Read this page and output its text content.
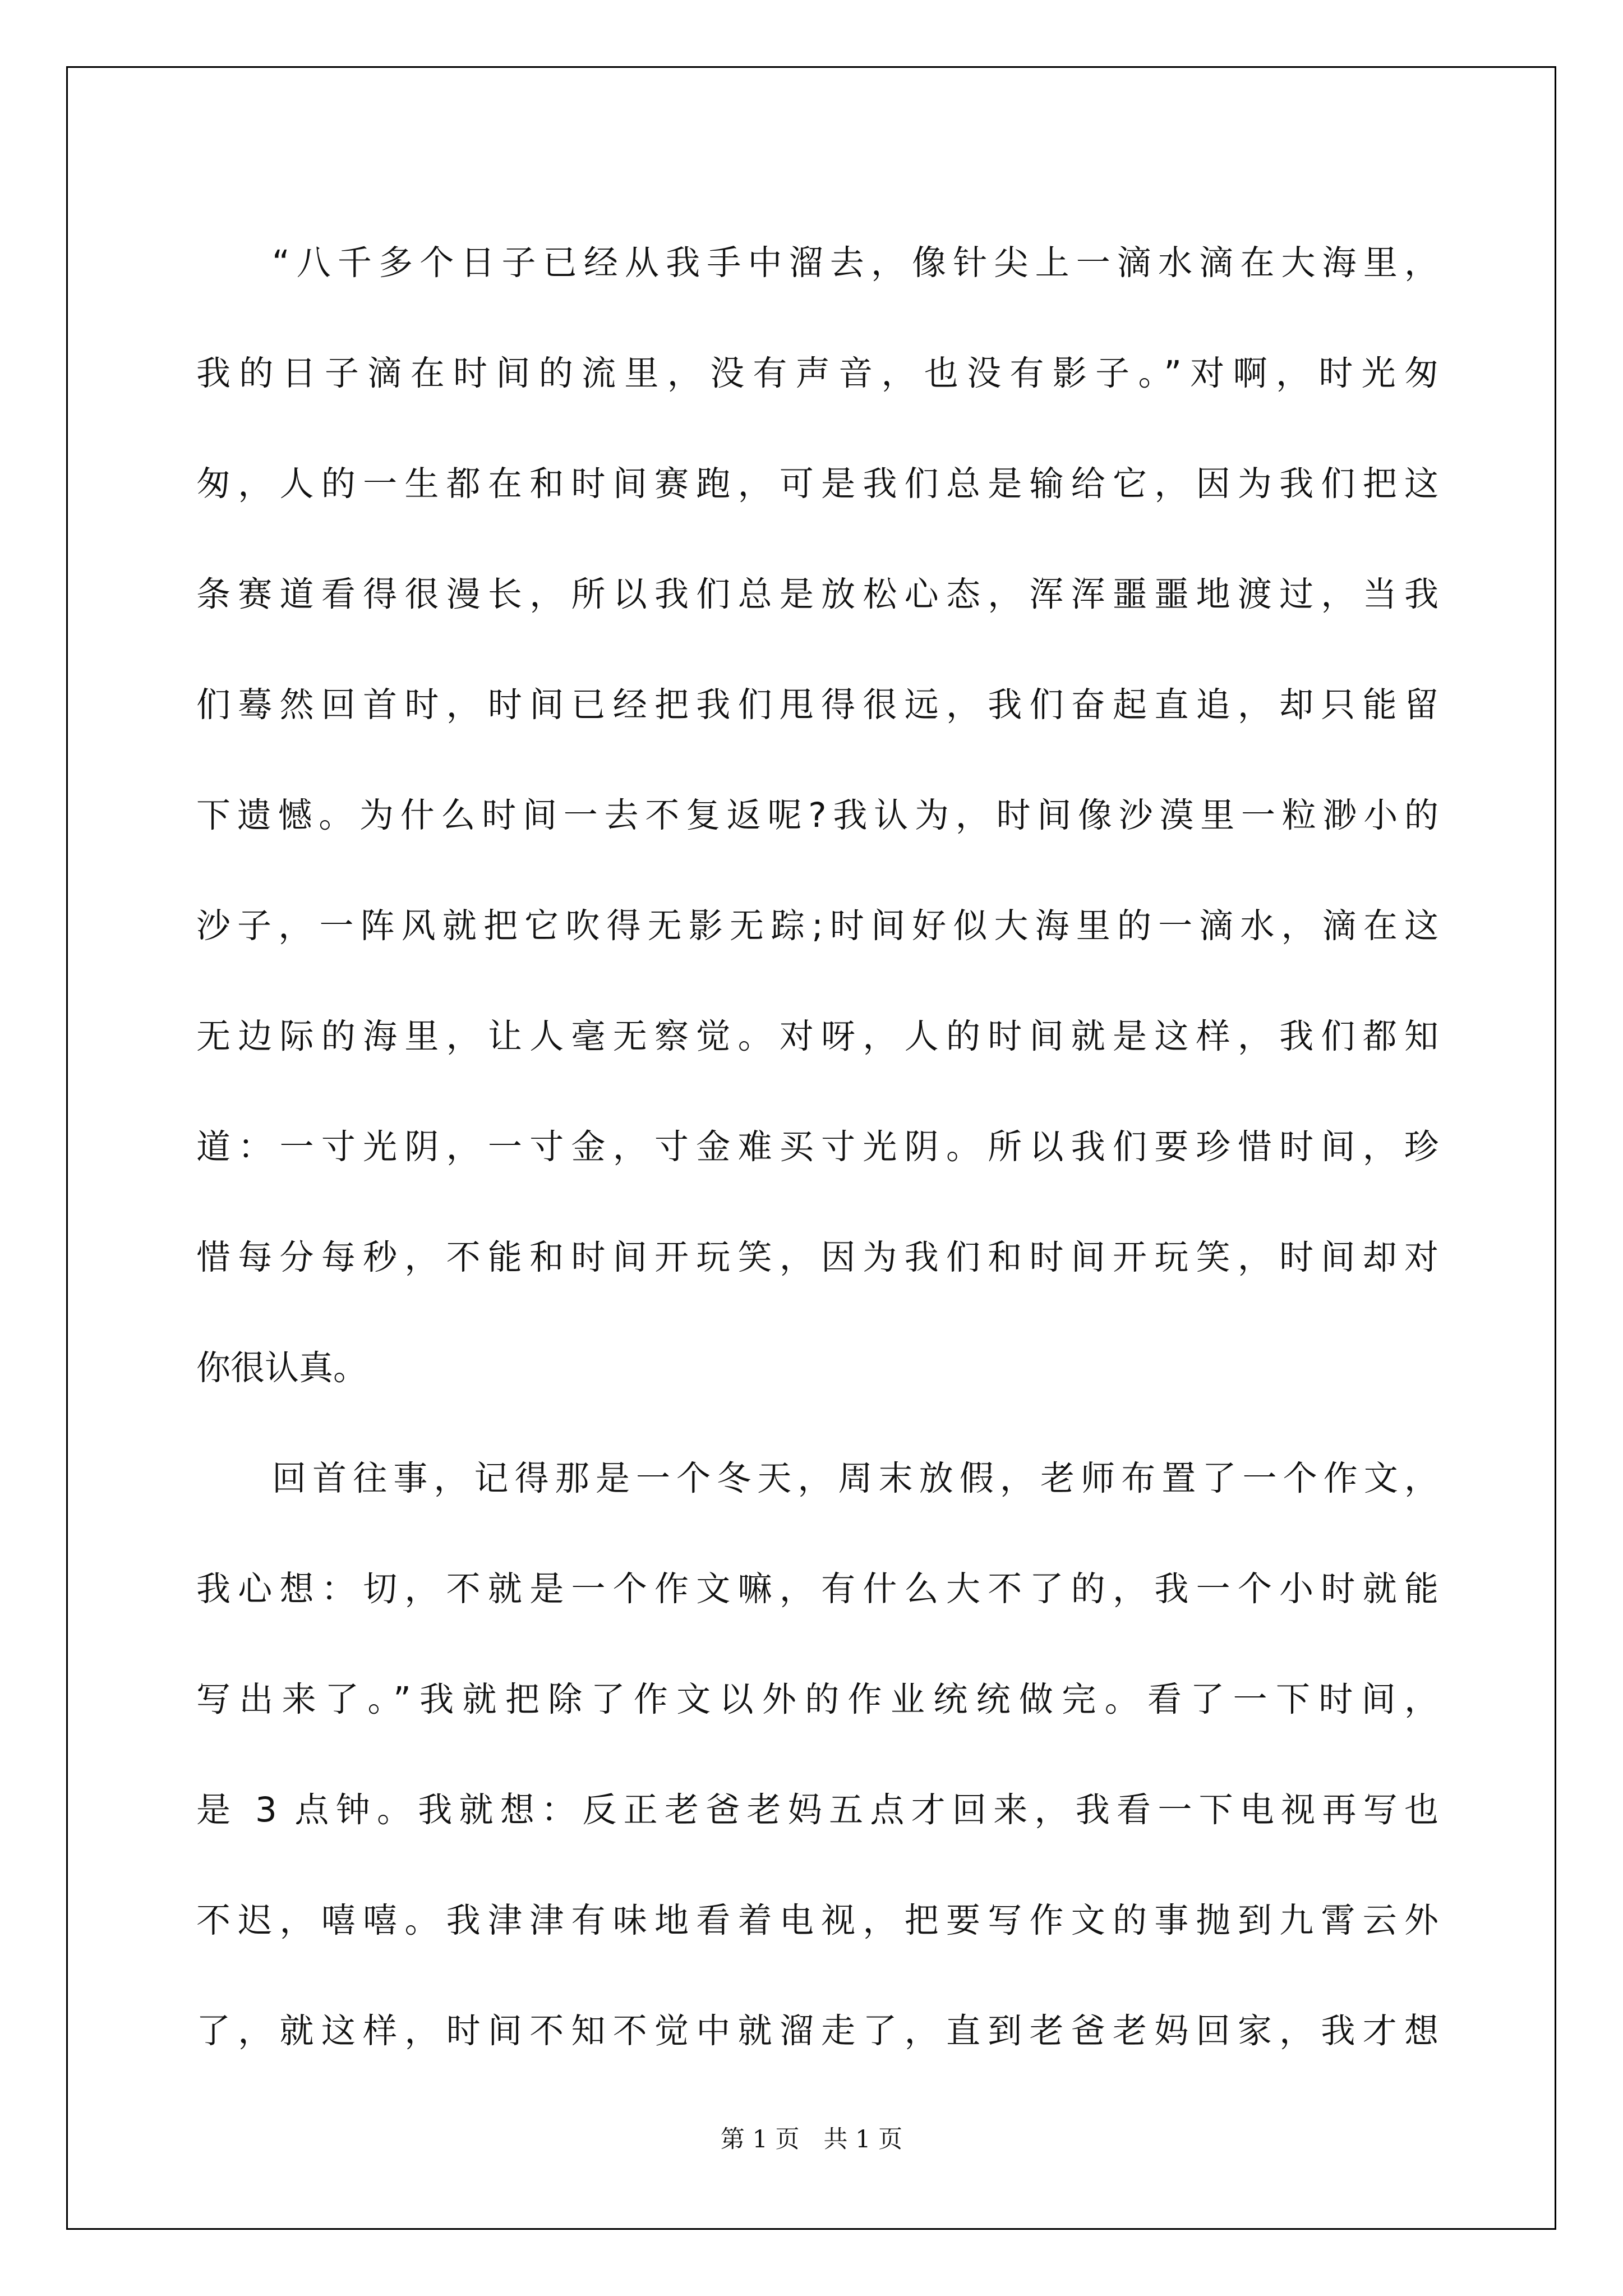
“八千多个日子已经从我手中溜去，像针尖上一滴水滴在大海里，
我的日子滴在时间的流里，没有声音，也没有影子。”对啊，时光匆
匆，人的一生都在和时间赛跑，可是我们总是输给它，因为我们把这
条赛道看得很漫长，所以我们总是放松心态，浑浑噩噩地渡过，当我
们蓦然回首时，时间已经把我们甩得很远，我们奋起直追，却只能留
下遗憾。为什么时间一去不复返呢?我认为，时间像沙漠里一粒渺小的
沙子，一阵风就把它吹得无影无踪;时间好似大海里的一滴水，滴在这
无边际的海里，让人毫无察觉。对呀，人的时间就是这样，我们都知
道：一寸光阴，一寸金，寸金难买寸光阴。所以我们要珍惜时间，珍
惜每分每秒，不能和时间开玩笑，因为我们和时间开玩笑，时间却对
你很认真。
回首往事，记得那是一个冬天，周末放假，老师布置了一个作文，
我心想：切，不就是一个作文嘛，有什么大不了的，我一个小时就能
写出来了。”我就把除了作文以外的作业统统做完。看了一下时间，
是 3 点钟。我就想：反正老爸老妈五点才回来，我看一下电视再写也
不迟，嘻嘻。我津津有味地看着电视，把要写作文的事抛到九霄云外
了，就这样，时间不知不觉中就溜走了，直到老爸老妈回家，我才想
第 1 页　共 1 页
